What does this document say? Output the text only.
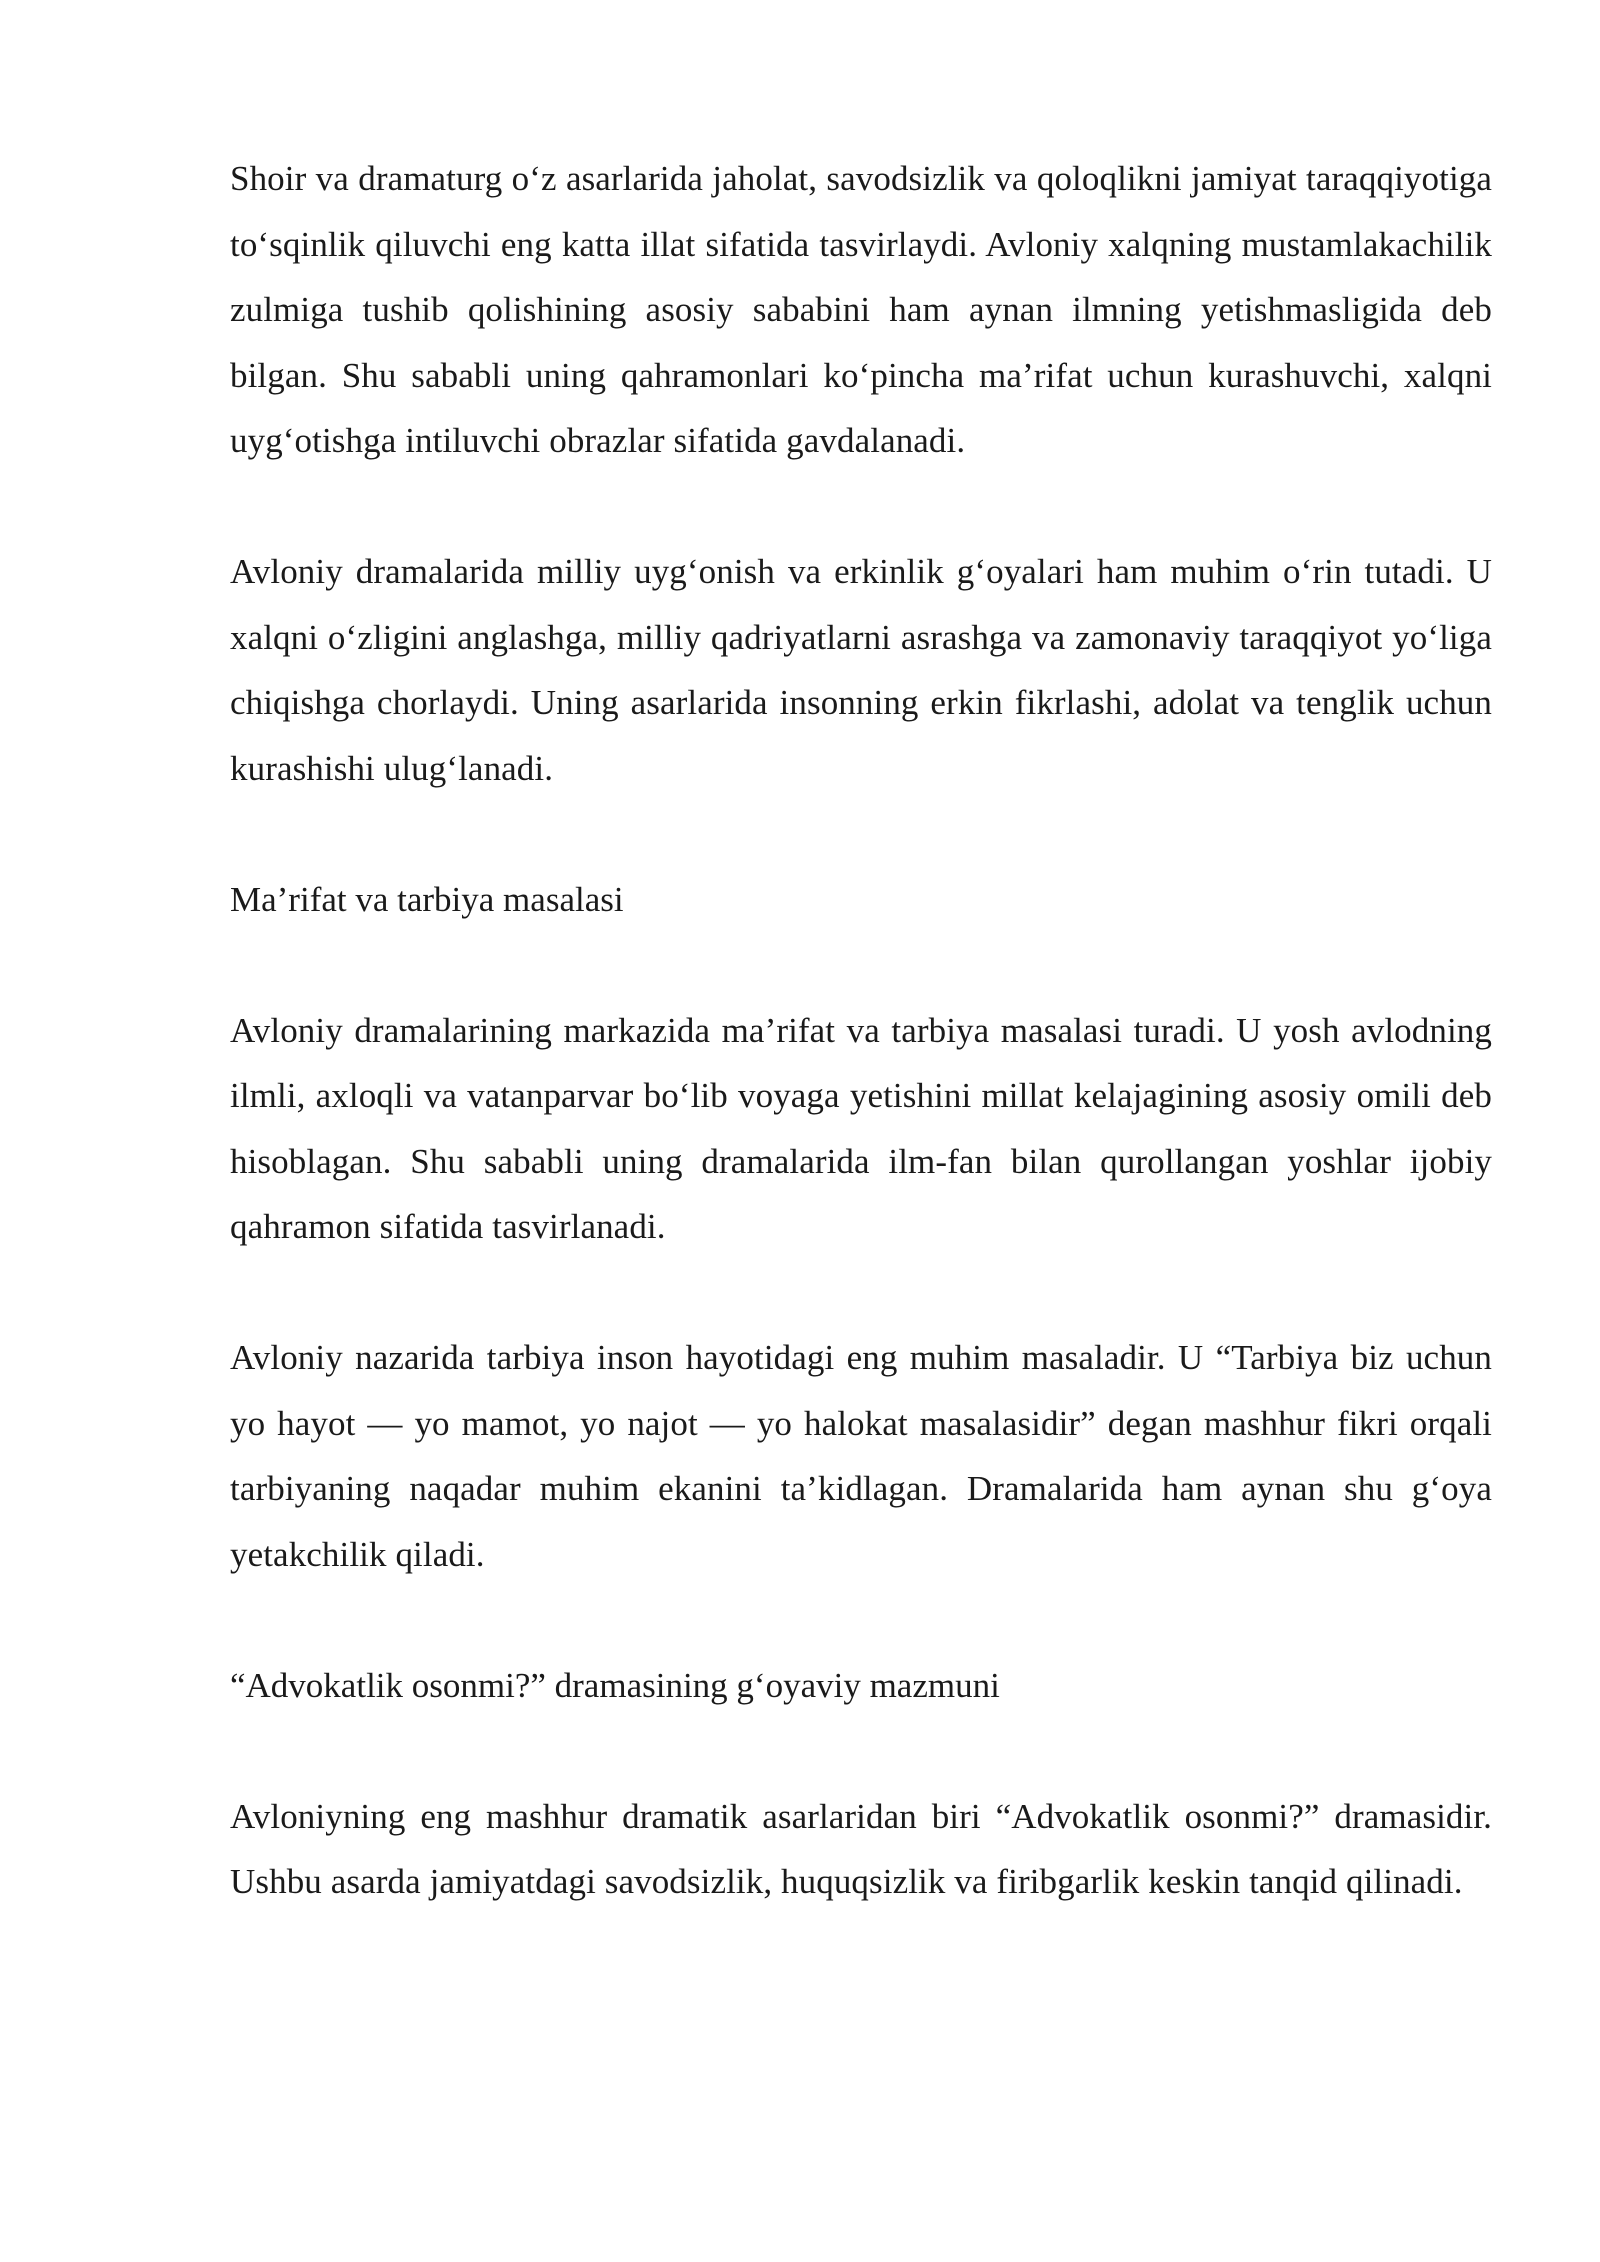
Shoir va dramaturg o‘z asarlarida jaholat, savodsizlik va qoloqlikni jamiyat taraqqiyotiga to‘sqinlik qiluvchi eng katta illat sifatida tasvirlaydi. Avloniy xalqning mustamlakachilik zulmiga tushib qolishining asosiy sababini ham aynan ilmning yetishmasligida deb bilgan. Shu sababli uning qahramonlari ko‘pincha ma’rifat uchun kurashuvchi, xalqni uyg‘otishga intiluvchi obrazlar sifatida gavdalanadi.

Avloniy dramalarida milliy uyg‘onish va erkinlik g‘oyalari ham muhim o‘rin tutadi. U xalqni o‘zligini anglashga, milliy qadriyatlarni asrashga va zamonaviy taraqqiyot yo‘liga chiqishga chorlaydi. Uning asarlarida insonning erkin fikrlashi, adolat va tenglik uchun kurashishi ulug‘lanadi.

Ma’rifat va tarbiya masalasi

Avloniy dramalarining markazida ma’rifat va tarbiya masalasi turadi. U yosh avlodning ilmli, axloqli va vatanparvar bo‘lib voyaga yetishini millat kelajagining asosiy omili deb hisoblagan. Shu sababli uning dramalarida ilm-fan bilan qurollangan yoshlar ijobiy qahramon sifatida tasvirlanadi.

Avloniy nazarida tarbiya inson hayotidagi eng muhim masaladir. U “Tarbiya biz uchun yo hayot — yo mamot, yo najot — yo halokat masalasidir” degan mashhur fikri orqali tarbiyaning naqadar muhim ekanini ta’kidlagan. Dramalarida ham aynan shu g‘oya yetakchilik qiladi.

“Advokatlik osonmi?” dramasining g‘oyaviy mazmuni

Avloniyning eng mashhur dramatik asarlaridan biri “Advokatlik osonmi?” dramasidir. Ushbu asarda jamiyatdagi savodsizlik, huquqsizlik va firibgarlik keskin tanqid qilinadi.
